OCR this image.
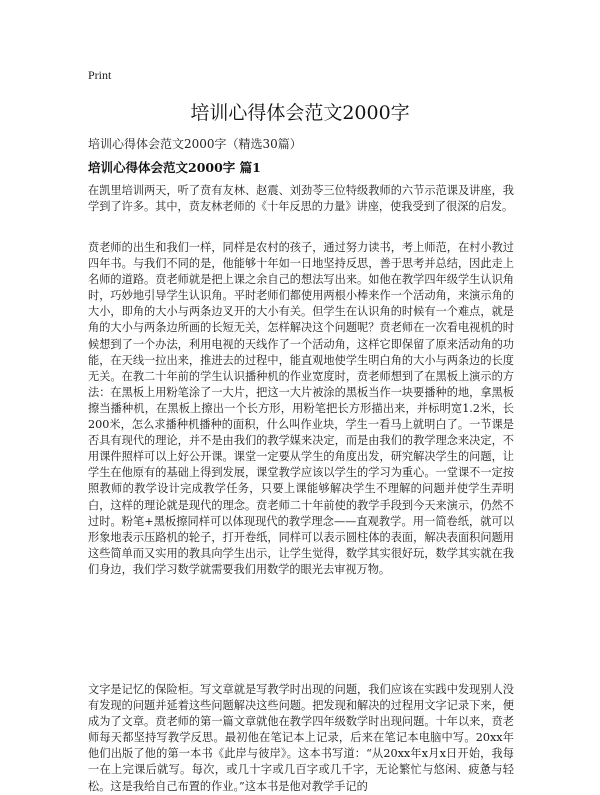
Print
培训心得体会范文2000字
培训心得体会范文2000字（精选30篇）
培训心得体会范文2000字 篇1

在凯里培训两天，听了贲有友林、赵震、刘劲苓三位特级教师的六节示范课及讲座，我学到了许多。其中，贲友林老师的《十年反思的力量》讲座，使我受到了很深的启发。

贲老师的出生和我们一样，同样是农村的孩子，通过努力读书，考上师范，在村小教过四年书。与我们不同的是，他能够十年如一日地坚持反思，善于思考并总结，因此走上名师的道路。贲老师就是把上课之余自己的想法写出来。如他在教学四年级学生认识角时，巧妙地引导学生认识角。平时老师们都使用两根小棒来作一个活动角，来演示角的大小，即角的大小与两条边叉开的大小有关。但学生在认识角的时候有一个难点，就是角的大小与两条边所画的长短无关，怎样解决这个问题呢？贲老师在一次看电视机的时候想到了一个办法，利用电视的天线作了一个活动角，这样它即保留了原来活动角的功能，在天线一拉出来，推进去的过程中，能直观地使学生明白角的大小与两条边的长度无关。在教二十年前的学生认识播种机的作业宽度时，贲老师想到了在黑板上演示的方法：在黑板上用粉笔涂了一大片，把这一大片被涂的黑板当作一块要播种的地，拿黑板擦当播种机，在黑板上擦出一个长方形，用粉笔把长方形描出来，并标明宽1.2米，长200米，怎么求播种机播种的面积，什么叫作业块，学生一看马上就明白了。一节课是否具有现代的理论，并不是由我们的教学媒来决定，而是由我们的教学理念来决定，不用课件照样可以上好公开课。课堂一定要从学生的角度出发，研究解决学生的问题，让学生在他原有的基础上得到发展，课堂教学应该以学生的学习为重心。一堂课不一定按照教师的教学设计完成教学任务，只要上课能够解决学生不理解的问题并使学生弄明白，这样的理论就是现代的理念。贲老师二十年前使的教学手段到今天来演示，仍然不过时。粉笔+黑板擦同样可以体现现代的教学理念——直观教学。用一简卷纸，就可以形象地表示压路机的轮子，打开卷纸，同样可以表示圆柱体的表面，解决表面积问题用这些简单而又实用的教具向学生出示，让学生觉得，数学其实很好玩，数学其实就在我们身边，我们学习数学就需要我们用数学的眼光去审视万物。

文字是记忆的保险柜。写文章就是写教学时出现的问题，我们应该在实践中发现别人没有发现的问题并延着这些问题解决这些问题。把发现和解决的过程用文字记录下来，便成为了文章。贲老师的第一篇文章就他在教学四年级数学时出现问题。十年以来，贲老师每天都坚持写教学反思。最初他在笔记本上记录，后来在笔记本电脑中写。20xx年他们出版了他的第一本书《此岸与彼岸》。这本书写道：“从20xx年x月x日开始，我每一在上完课后就写。每次，或几十字或几百字或几千字，无论繁忙与悠闲、疲惫与轻松。这是我给自己布置的作业。”这本书是他对教学手记的
